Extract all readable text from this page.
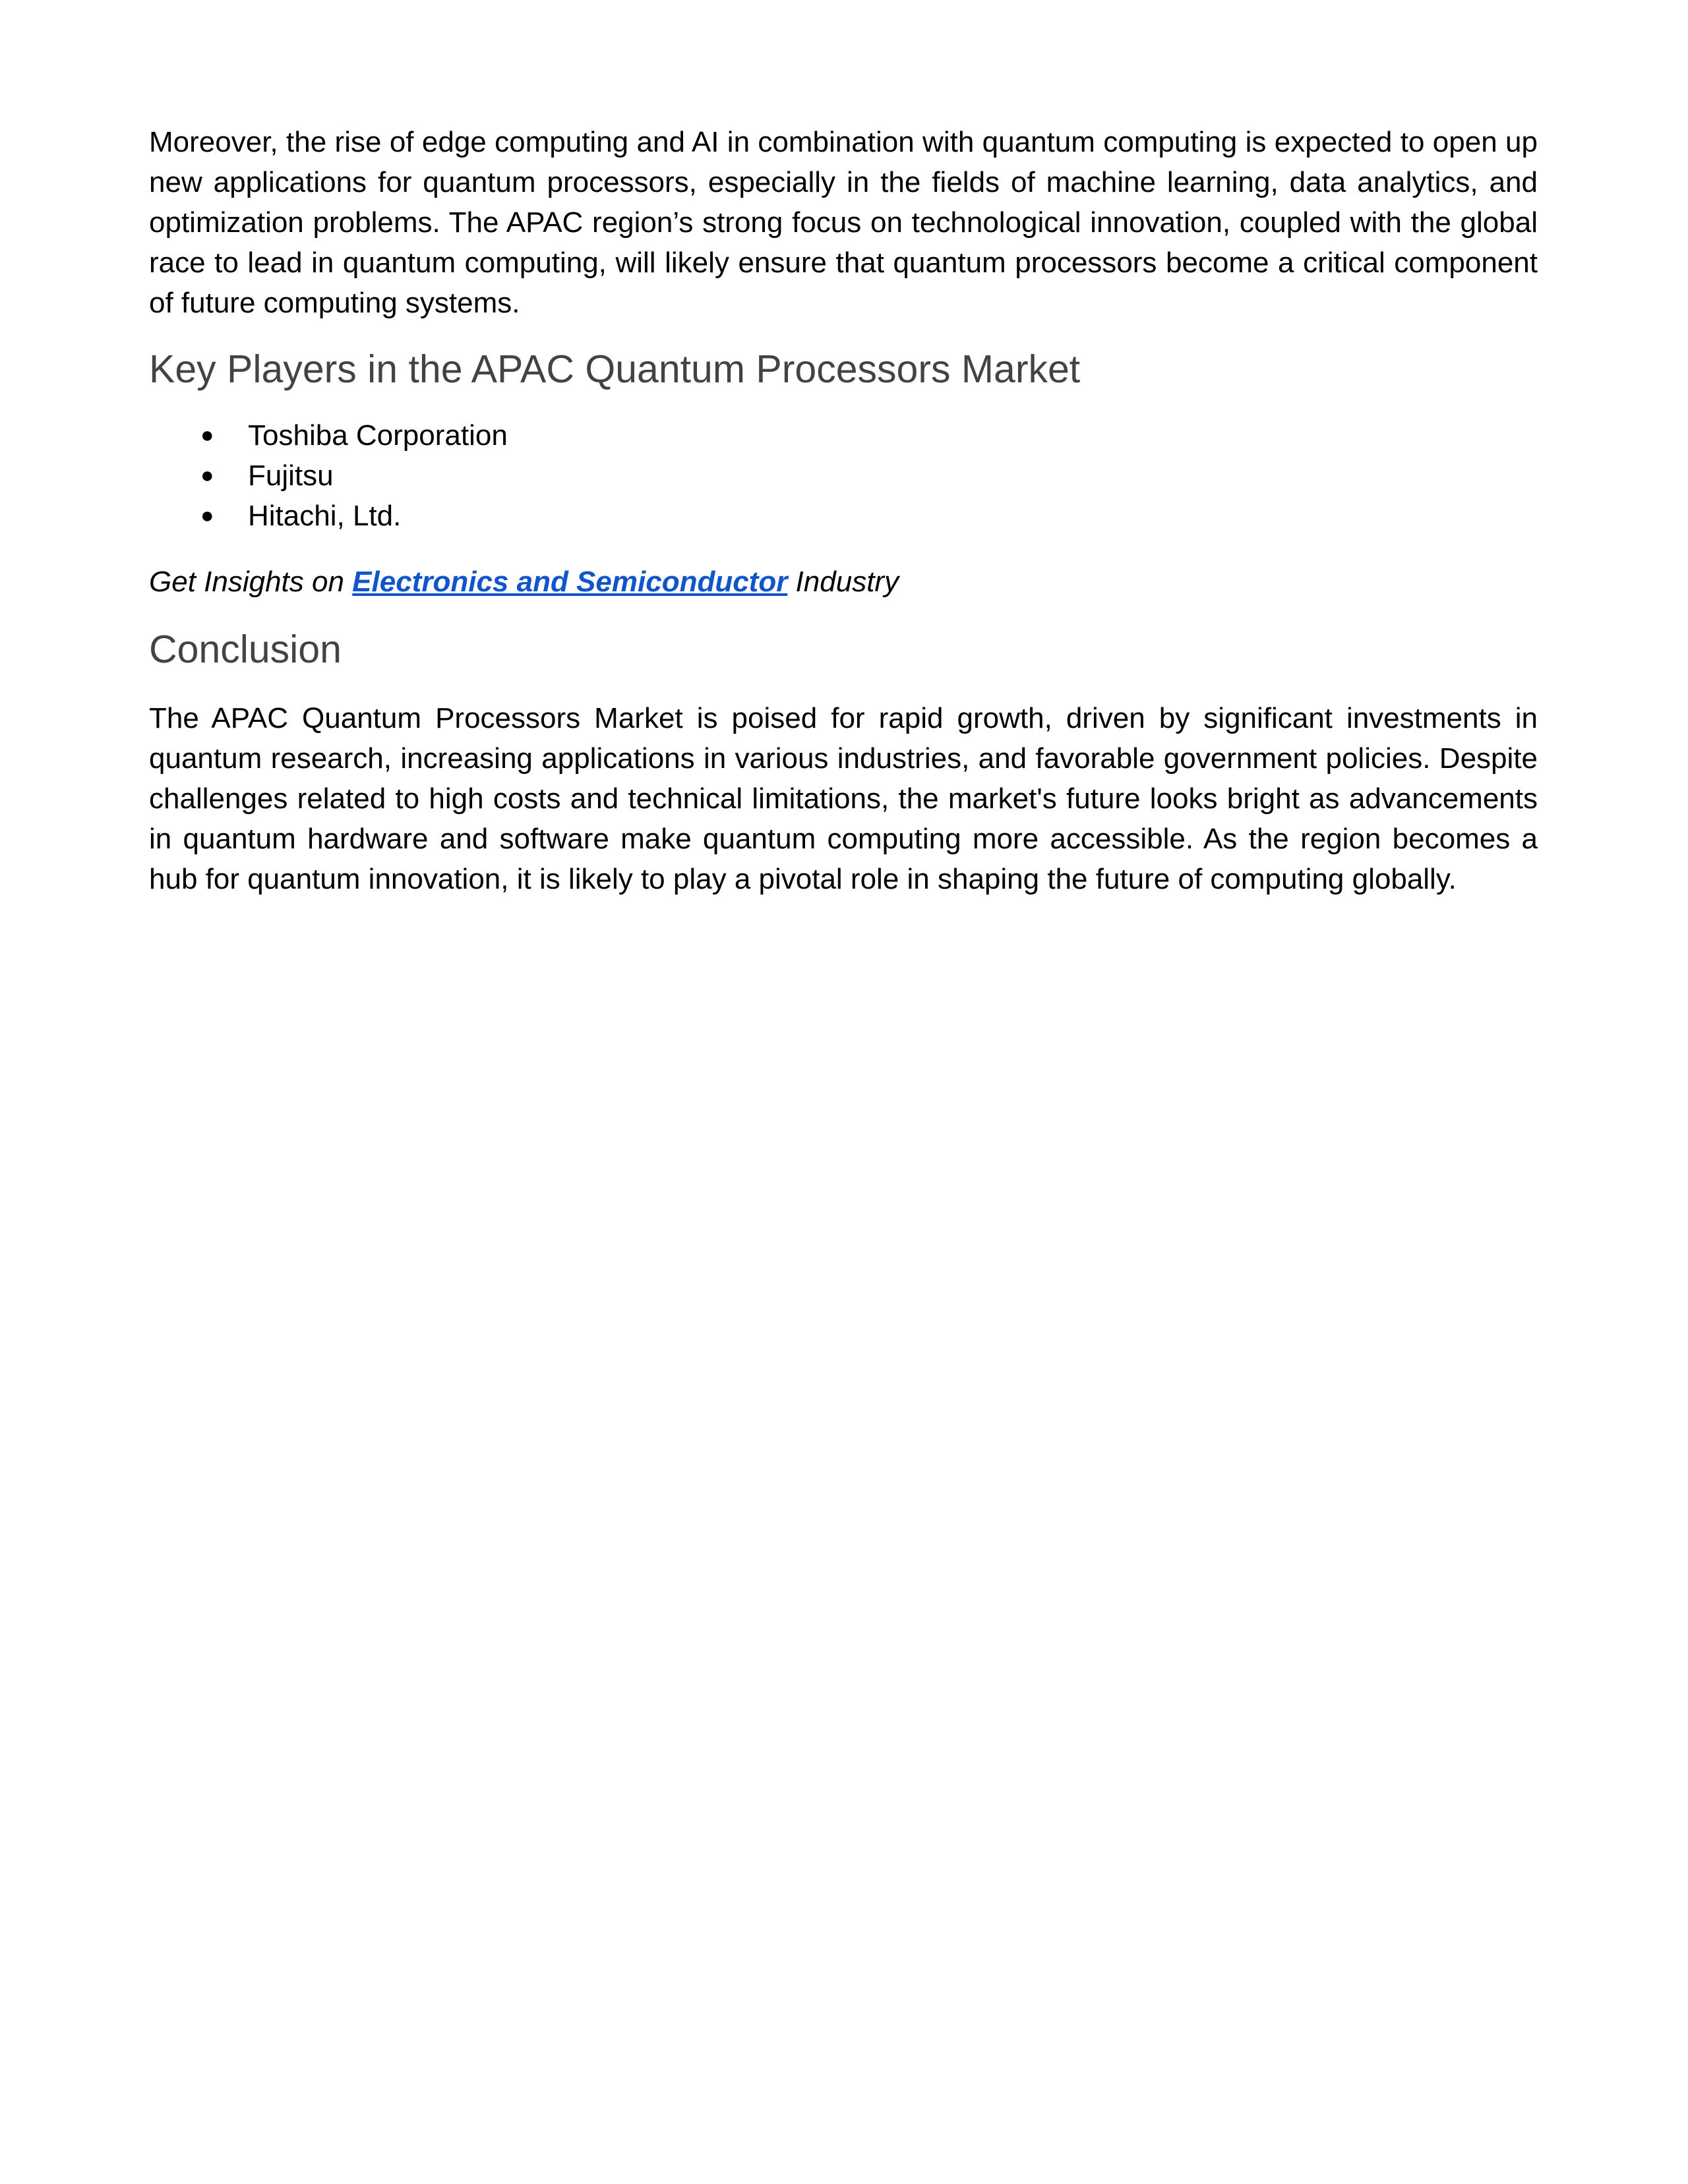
Moreover, the rise of edge computing and AI in combination with quantum computing is expected to open up new applications for quantum processors, especially in the fields of machine learning, data analytics, and optimization problems. The APAC region’s strong focus on technological innovation, coupled with the global race to lead in quantum computing, will likely ensure that quantum processors become a critical component of future computing systems.

Key Players in the APAC Quantum Processors Market
● Toshiba Corporation
● Fujitsu
● Hitachi, Ltd.

Get Insights on Electronics and Semiconductor Industry

Conclusion

The APAC Quantum Processors Market is poised for rapid growth, driven by significant investments in quantum research, increasing applications in various industries, and favorable government policies. Despite challenges related to high costs and technical limitations, the market's future looks bright as advancements in quantum hardware and software make quantum computing more accessible. As the region becomes a hub for quantum innovation, it is likely to play a pivotal role in shaping the future of computing globally.
